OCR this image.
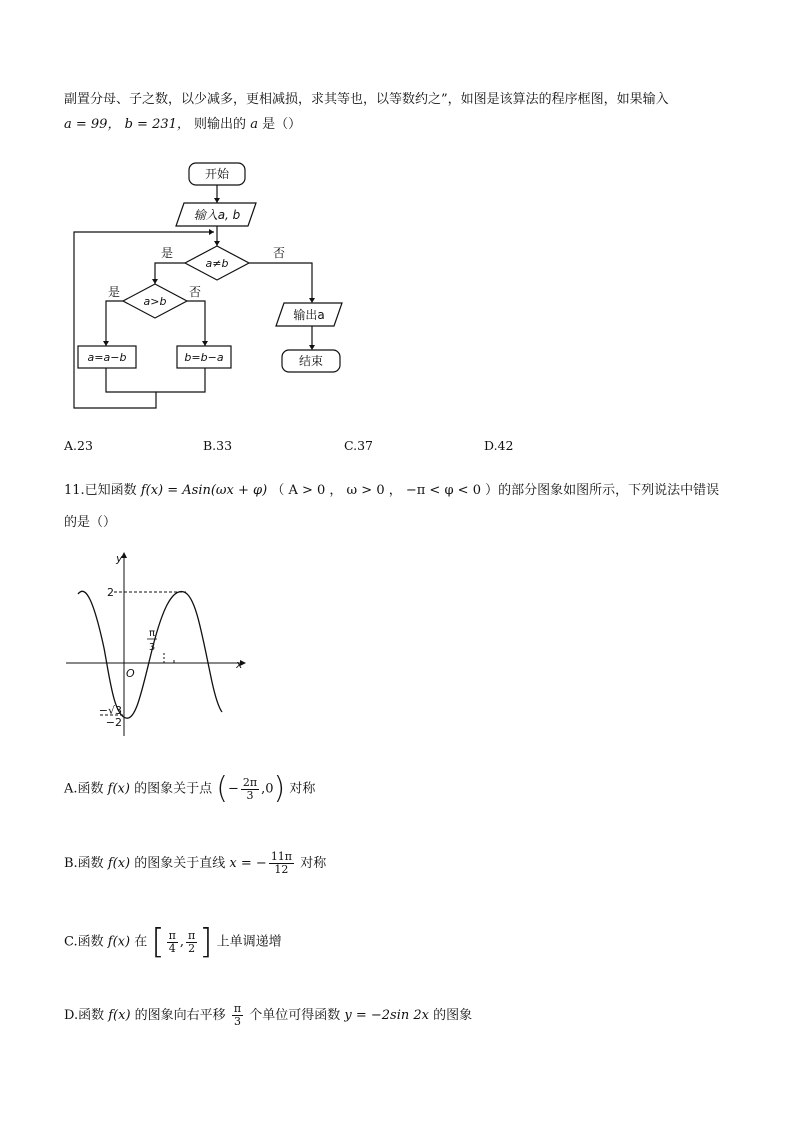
副置分母、子之数，以少减多，更相减损，求其等也，以等数约之”，如图是该算法的程序框图，如果输入
a = 99， b = 231， 则输出的 a 是（）
开始
输入a, b
a≠b
是	否
a>b
是	否
a=a−b	b=b−a
输出a
结束
A.23	B.33	C.37	D.42
11.已知函数 f(x) = Asin(ωx + φ) （ A > 0 ， ω > 0 ， −π < φ < 0 ）的部分图象如图所示，下列说法中错误
的是（）
y
x
O
2
−√3
−2
π
3
A.函数 f(x) 的图象关于点 (− $\frac{2\pi}{3} ,0$) 对称
B.函数 f(x) 的图象关于直线 x = − $\frac{11\pi}{12}$ 对称
C.函数 f(x) 在 [ $\frac{\pi}{4}$ , $\frac{\pi}{2}$ ] 上单调递增
D.函数 f(x) 的图象向右平移 $\frac{\pi}{3}$ 个单位可得函数 y = −2sin 2x 的图象
